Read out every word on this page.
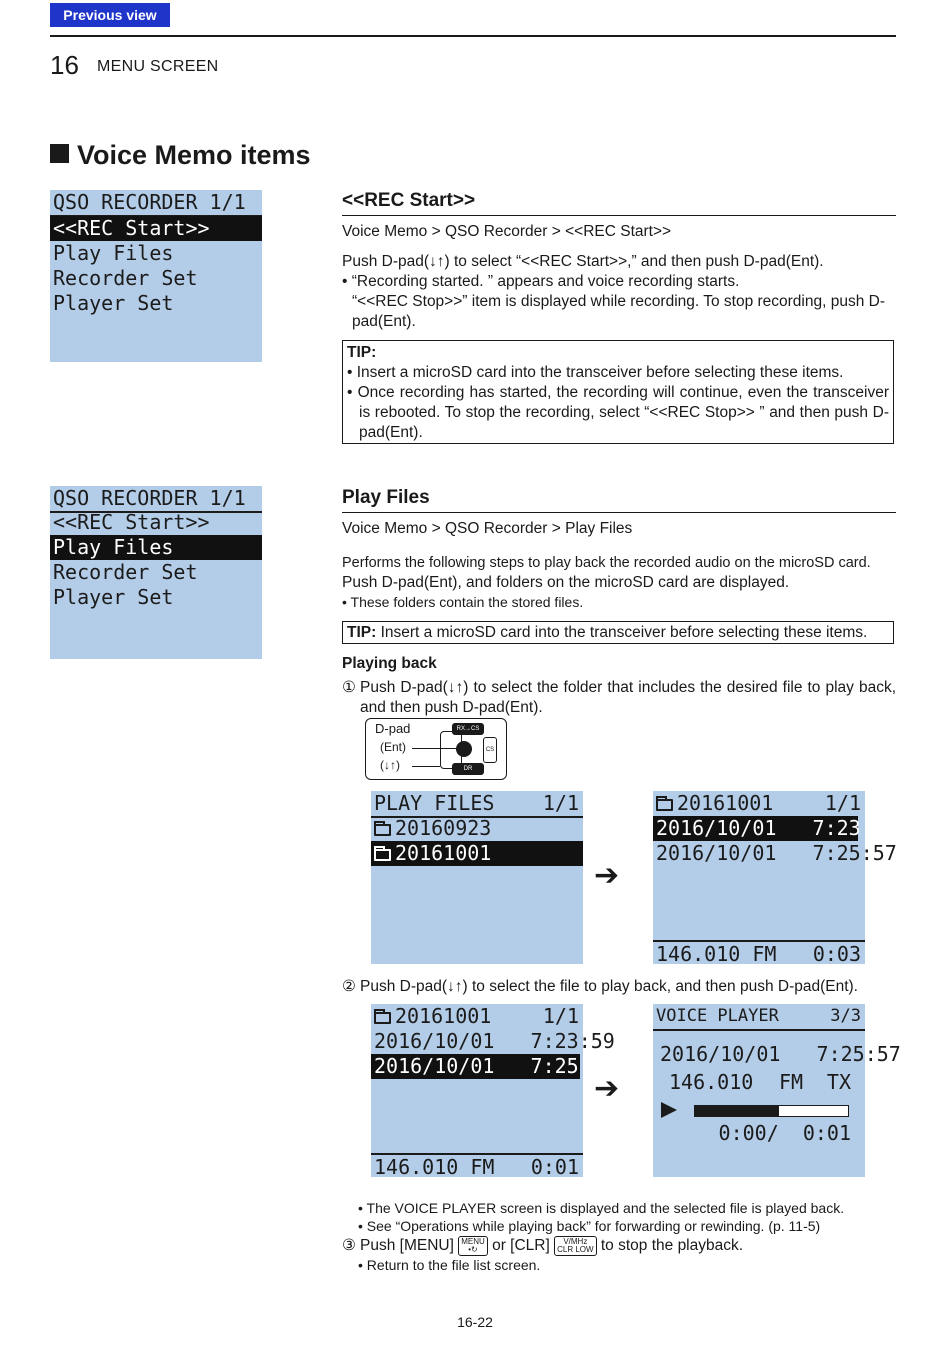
Previous view
16 MENU SCREEN
Voice Memo items
QSO RECORDER 1/1
<<REC Start>>
Play Files
Recorder Set
Player Set
QSO RECORDER 1/1
<<REC Start>>
Play Files
Recorder Set
Player Set
<<REC Start>>
Voice Memo > QSO Recorder > <<REC Start>>
Push D-pad(↓↑) to select “<<REC Start>>,” and then push D-pad(Ent).
• “Recording started. ” appears and voice recording starts.
“<<REC Stop>>” item is displayed while recording. To stop recording, push D-pad(Ent).
TIP:
• Insert a microSD card into the transceiver before selecting these items.
• Once recording has started, the recording will continue, even the transceiver is rebooted. To stop the recording, select “<<REC Stop>> ” and then push D-pad(Ent).
Play Files
Voice Memo > QSO Recorder > Play Files
Performs the following steps to play back the recorded audio on the microSD card.
Push D-pad(Ent), and folders on the microSD card are displayed.
• These folders contain the stored files.
TIP: Insert a microSD card into the transceiver before selecting these items.
Playing back
① Push D-pad(↓↑) to select the folder that includes the desired file to play back, and then push D-pad(Ent).
D-pad
(Ent)
(↓↑)
RX→CS
DR
CS
PLAY FILES 1/1
20160923
20161001
➔
20161001	1/1
2016/10/01   7:23:59
2016/10/01   7:25:57
146.010 FM 0:03
② Push D-pad(↓↑) to select the file to play back, and then push D-pad(Ent).
20161001	1/1
2016/10/01   7:23:59
2016/10/01   7:25:57
146.010 FM 0:01
➔
VOICE PLAYER	3/3
2016/10/01   7:25:57
146.010 FM TX
0:00/  0:01
• The VOICE PLAYER screen is displayed and the selected file is played back.
• See “Operations while playing back” for forwarding or rewinding. (p. 11-5)
③ Push [MENU] MENU
•↻ or [CLR] V/MHz
CLR LOW to stop the playback.
• Return to the file list screen.
16-22
